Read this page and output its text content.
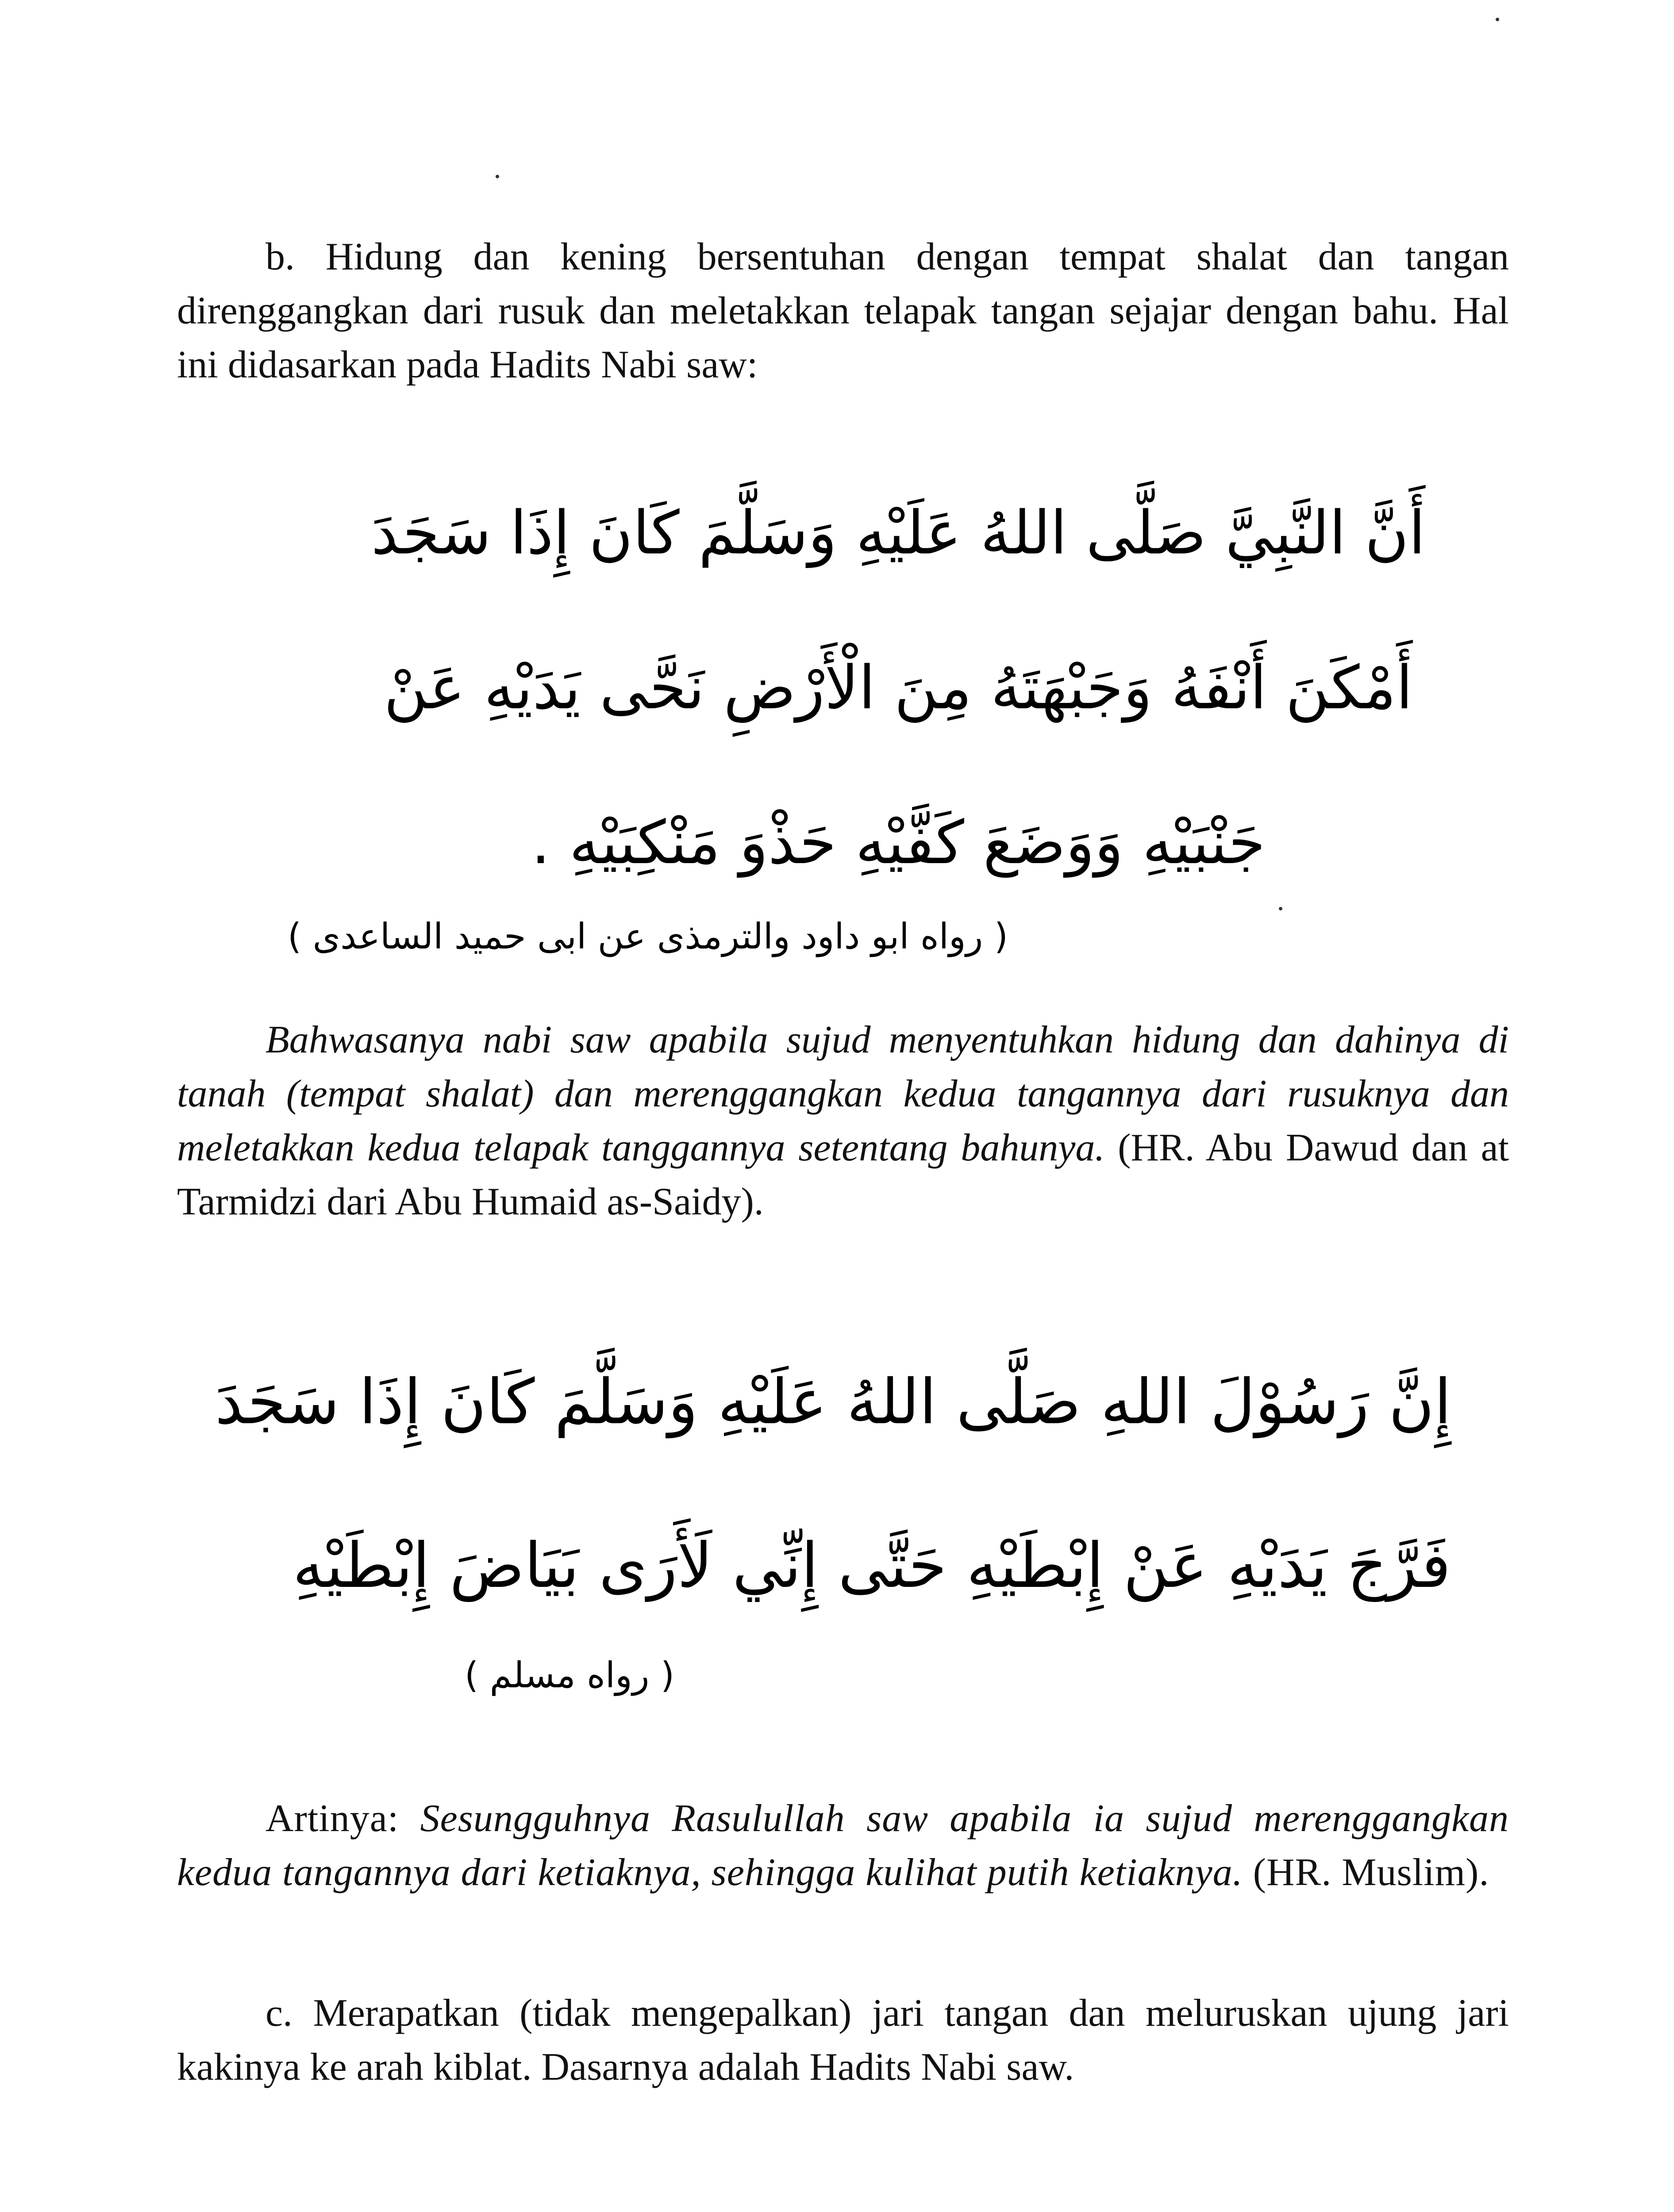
b. Hidung dan kening bersentuhan dengan tempat shalat dan tangan direnggangkan dari rusuk dan meletakkan telapak tangan sejajar dengan bahu. Hal ini didasarkan pada Hadits Nabi saw:

أَنَّ النَّبِيَّ صَلَّى اللهُ عَلَيْهِ وَسَلَّمَ كَانَ إِذَا سَجَدَ
أَمْكَنَ أَنْفَهُ وَجَبْهَتَهُ مِنَ الْأَرْضِ نَحَّى يَدَيْهِ عَنْ
جَنْبَيْهِ وَوَضَعَ كَفَّيْهِ حَذْوَ مَنْكِبَيْهِ .

( رواه ابو داود والترمذى عن ابى حميد الساعدى )

Bahwasanya nabi saw apabila sujud menyentuhkan hidung dan dahinya di tanah (tempat shalat) dan merenggangkan kedua tangannya dari rusuknya dan meletakkan kedua telapak tanggannya setentang bahunya. (HR. Abu Dawud dan at Tarmidzi dari Abu Humaid as-Saidy).

إِنَّ رَسُوْلَ اللهِ صَلَّى اللهُ عَلَيْهِ وَسَلَّمَ كَانَ إِذَا سَجَدَ
فَرَّجَ يَدَيْهِ عَنْ إِبْطَيْهِ حَتَّى إِنِّي لَأَرَى بَيَاضَ إِبْطَيْهِ

( رواه مسلم )

Artinya: Sesungguhnya Rasulullah saw apabila ia sujud merenggangkan kedua tangannya dari ketiaknya, sehingga kulihat putih ketiaknya. (HR. Muslim).

c. Merapatkan (tidak mengepalkan) jari tangan dan meluruskan ujung jari kakinya ke arah kiblat. Dasarnya adalah Hadits Nabi saw.
